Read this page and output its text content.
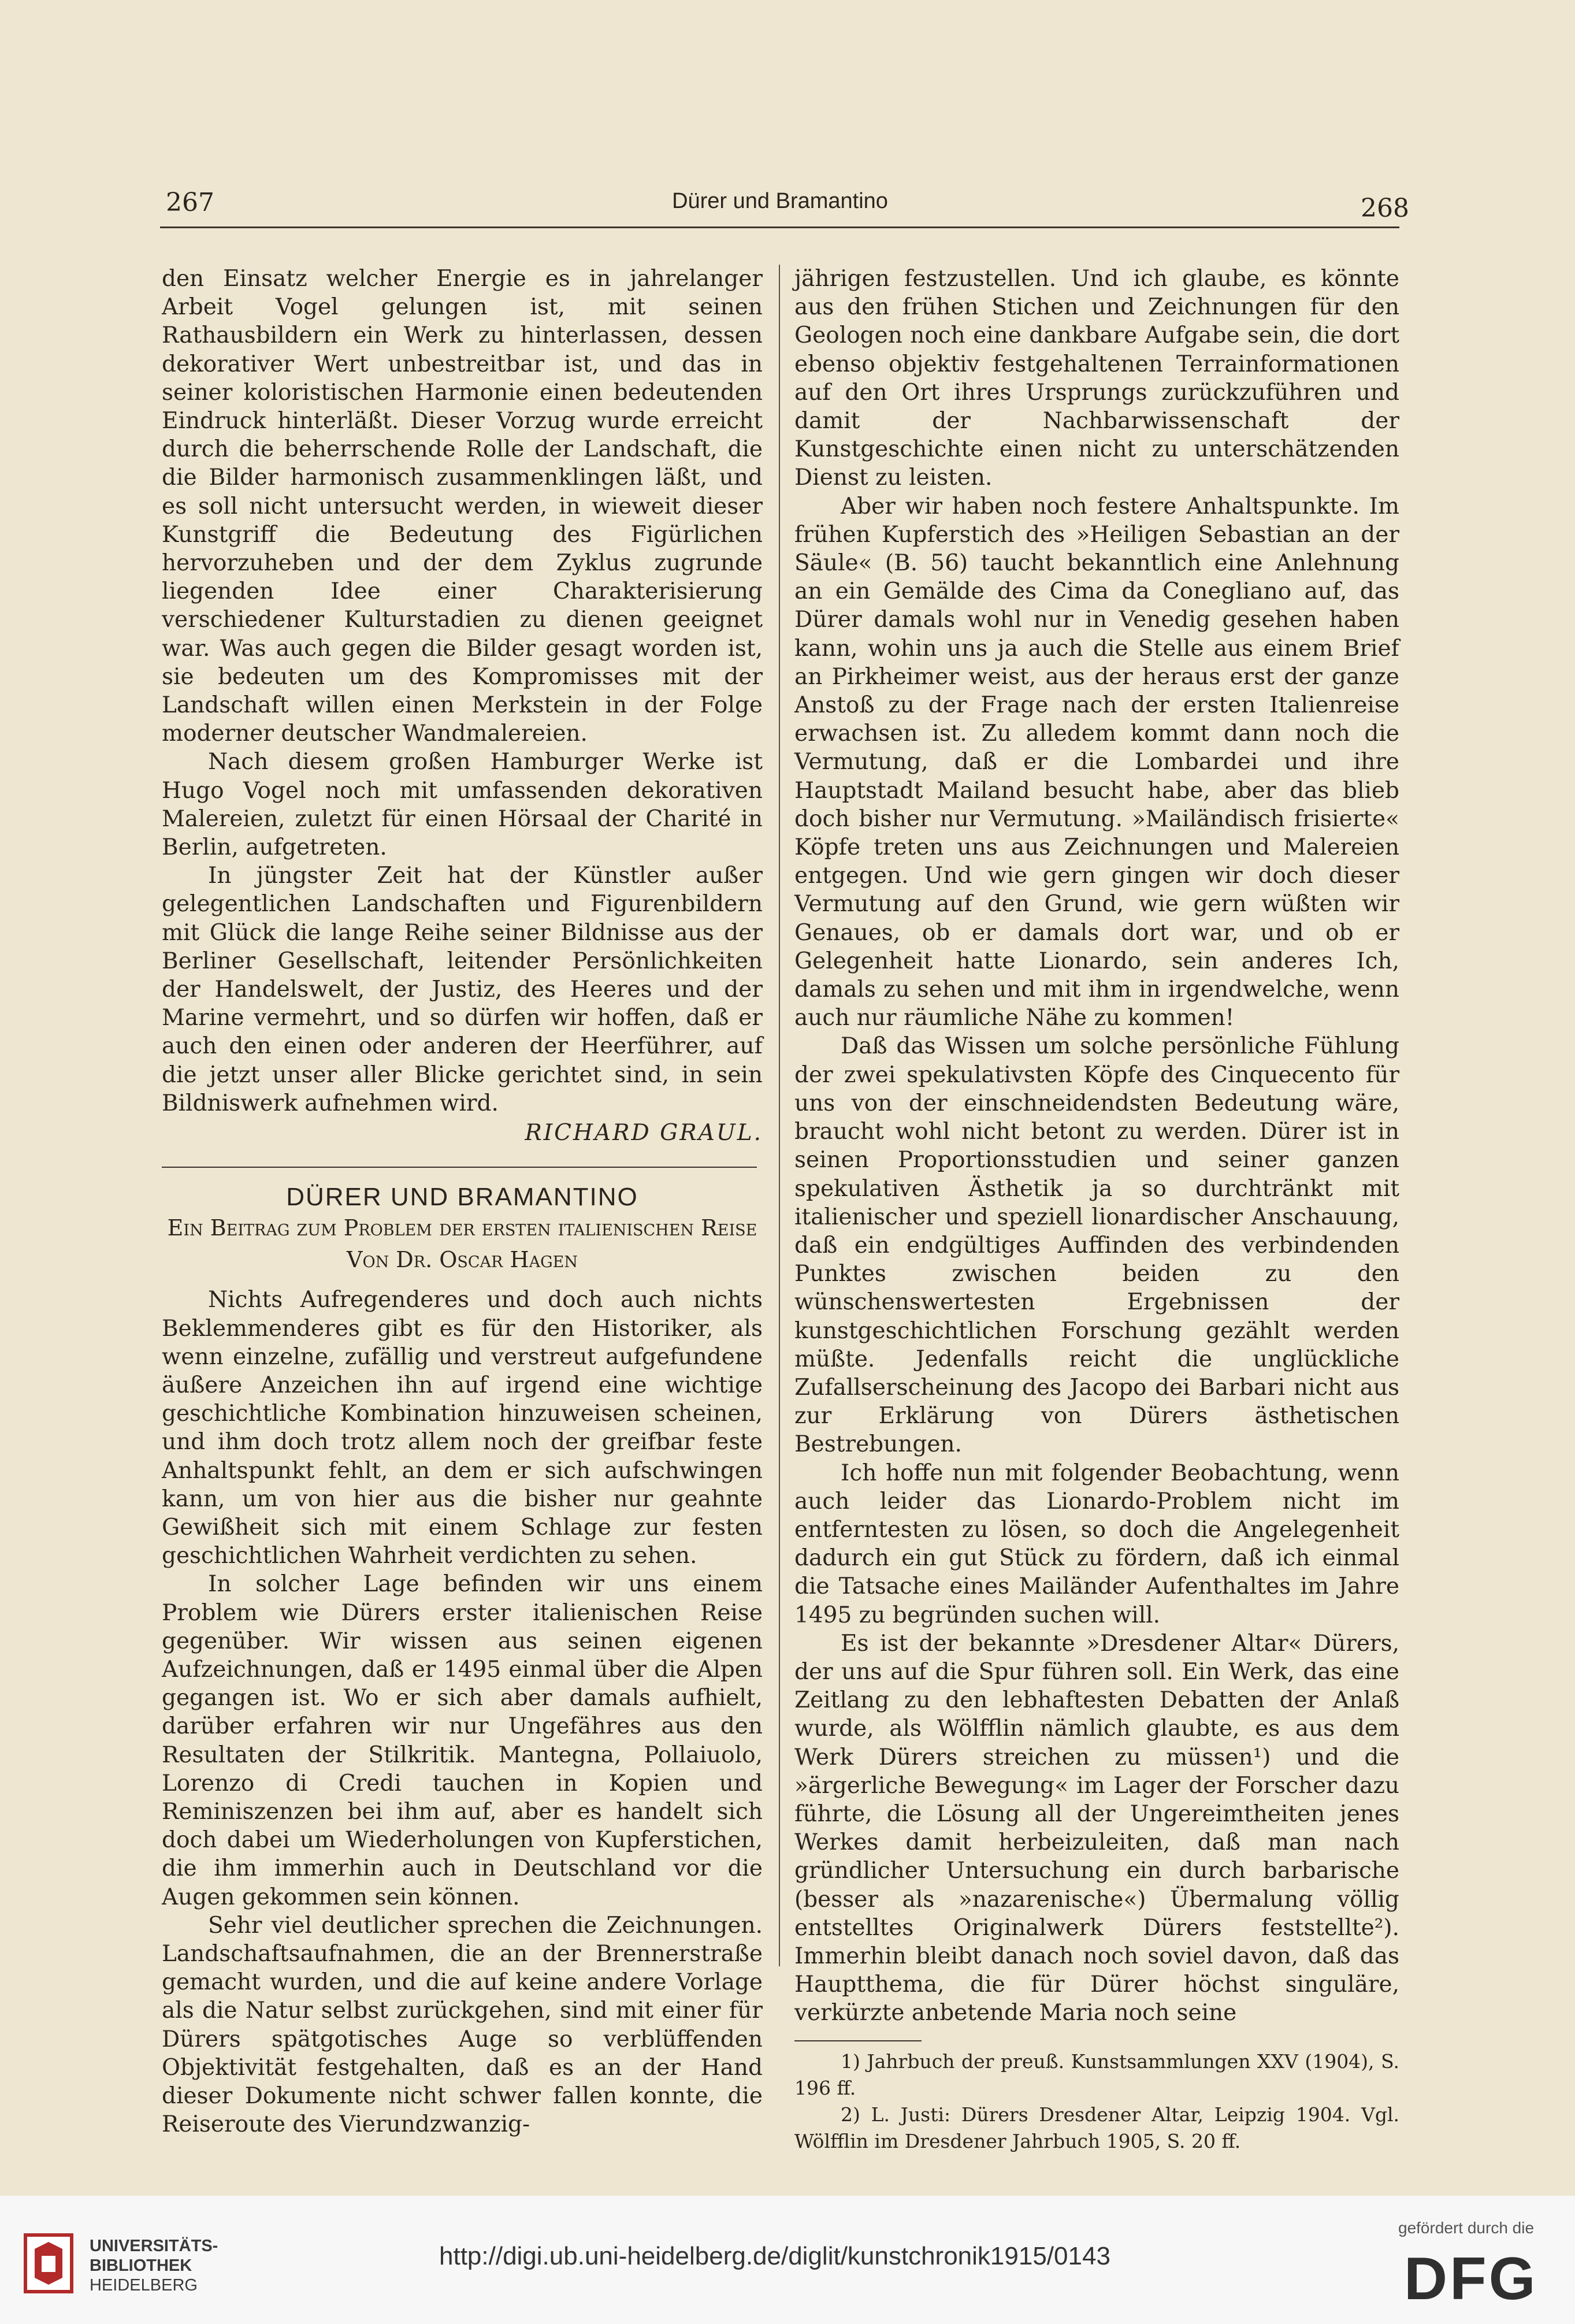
267	Dürer und Bramantino	268

den Einsatz welcher Energie es in jahrelanger Arbeit Vogel gelungen ist, mit seinen Rathausbildern ein Werk zu hinterlassen, dessen dekorativer Wert unbestreitbar ist, und das in seiner koloristischen Harmonie einen bedeutenden Eindruck hinterläßt. Dieser Vorzug wurde erreicht durch die beherrschende Rolle der Landschaft, die die Bilder harmonisch zusammenklingen läßt, und es soll nicht untersucht werden, in wieweit dieser Kunstgriff die Bedeutung des Figürlichen hervorzuheben und der dem Zyklus zugrunde liegenden Idee einer Charakterisierung verschiedener Kulturstadien zu dienen geeignet war. Was auch gegen die Bilder gesagt worden ist, sie bedeuten um des Kompromisses mit der Landschaft willen einen Merkstein in der Folge moderner deutscher Wandmalereien.

Nach diesem großen Hamburger Werke ist Hugo Vogel noch mit umfassenden dekorativen Malereien, zuletzt für einen Hörsaal der Charité in Berlin, aufgetreten.

In jüngster Zeit hat der Künstler außer gelegentlichen Landschaften und Figurenbildern mit Glück die lange Reihe seiner Bildnisse aus der Berliner Gesellschaft, leitender Persönlichkeiten der Handelswelt, der Justiz, des Heeres und der Marine vermehrt, und so dürfen wir hoffen, daß er auch den einen oder anderen der Heerführer, auf die jetzt unser aller Blicke gerichtet sind, in sein Bildniswerk aufnehmen wird.

RICHARD GRAUL.
DÜRER UND BRAMANTINO
Ein Beitrag zum Problem der ersten italienischen Reise
Von Dr. Oscar Hagen

Nichts Aufregenderes und doch auch nichts Beklemmenderes gibt es für den Historiker, als wenn einzelne, zufällig und verstreut aufgefundene äußere Anzeichen ihn auf irgend eine wichtige geschichtliche Kombination hinzuweisen scheinen, und ihm doch trotz allem noch der greifbar feste Anhaltspunkt fehlt, an dem er sich aufschwingen kann, um von hier aus die bisher nur geahnte Gewißheit sich mit einem Schlage zur festen geschichtlichen Wahrheit verdichten zu sehen.

In solcher Lage befinden wir uns einem Problem wie Dürers erster italienischen Reise gegenüber. Wir wissen aus seinen eigenen Aufzeichnungen, daß er 1495 einmal über die Alpen gegangen ist. Wo er sich aber damals aufhielt, darüber erfahren wir nur Ungefähres aus den Resultaten der Stilkritik. Mantegna, Pollaiuolo, Lorenzo di Credi tauchen in Kopien und Reminiszenzen bei ihm auf, aber es handelt sich doch dabei um Wiederholungen von Kupferstichen, die ihm immerhin auch in Deutschland vor die Augen gekommen sein können.

Sehr viel deutlicher sprechen die Zeichnungen. Landschaftsaufnahmen, die an der Brennerstraße gemacht wurden, und die auf keine andere Vorlage als die Natur selbst zurückgehen, sind mit einer für Dürers spätgotisches Auge so verblüffenden Objektivität festgehalten, daß es an der Hand dieser Dokumente nicht schwer fallen konnte, die Reiseroute des Vierundzwanzig-

jährigen festzustellen. Und ich glaube, es könnte aus den frühen Stichen und Zeichnungen für den Geologen noch eine dankbare Aufgabe sein, die dort ebenso objektiv festgehaltenen Terrainformationen auf den Ort ihres Ursprungs zurückzuführen und damit der Nachbarwissenschaft der Kunstgeschichte einen nicht zu unterschätzenden Dienst zu leisten.

Aber wir haben noch festere Anhaltspunkte. Im frühen Kupferstich des »Heiligen Sebastian an der Säule« (B. 56) taucht bekanntlich eine Anlehnung an ein Gemälde des Cima da Conegliano auf, das Dürer damals wohl nur in Venedig gesehen haben kann, wohin uns ja auch die Stelle aus einem Brief an Pirkheimer weist, aus der heraus erst der ganze Anstoß zu der Frage nach der ersten Italienreise erwachsen ist. Zu alledem kommt dann noch die Vermutung, daß er die Lombardei und ihre Hauptstadt Mailand besucht habe, aber das blieb doch bisher nur Vermutung. »Mailändisch frisierte« Köpfe treten uns aus Zeichnungen und Malereien entgegen. Und wie gern gingen wir doch dieser Vermutung auf den Grund, wie gern wüßten wir Genaues, ob er damals dort war, und ob er Gelegenheit hatte Lionardo, sein anderes Ich, damals zu sehen und mit ihm in irgendwelche, wenn auch nur räumliche Nähe zu kommen!

Daß das Wissen um solche persönliche Fühlung der zwei spekulativsten Köpfe des Cinquecento für uns von der einschneidendsten Bedeutung wäre, braucht wohl nicht betont zu werden. Dürer ist in seinen Proportionsstudien und seiner ganzen spekulativen Ästhetik ja so durchtränkt mit italienischer und speziell lionardischer Anschauung, daß ein endgültiges Auffinden des verbindenden Punktes zwischen beiden zu den wünschenswertesten Ergebnissen der kunstgeschichtlichen Forschung gezählt werden müßte. Jedenfalls reicht die unglückliche Zufallserscheinung des Jacopo dei Barbari nicht aus zur Erklärung von Dürers ästhetischen Bestrebungen.

Ich hoffe nun mit folgender Beobachtung, wenn auch leider das Lionardo-Problem nicht im entferntesten zu lösen, so doch die Angelegenheit dadurch ein gut Stück zu fördern, daß ich einmal die Tatsache eines Mailänder Aufenthaltes im Jahre 1495 zu begründen suchen will.

Es ist der bekannte »Dresdener Altar« Dürers, der uns auf die Spur führen soll. Ein Werk, das eine Zeitlang zu den lebhaftesten Debatten der Anlaß wurde, als Wölfflin nämlich glaubte, es aus dem Werk Dürers streichen zu müssen¹) und die »ärgerliche Bewegung« im Lager der Forscher dazu führte, die Lösung all der Ungereimtheiten jenes Werkes damit herbeizuleiten, daß man nach gründlicher Untersuchung ein durch barbarische (besser als »nazarenische«) Übermalung völlig entstelltes Originalwerk Dürers feststellte²). Immerhin bleibt danach noch soviel davon, daß das Hauptthema, die für Dürer höchst singuläre, verkürzte anbetende Maria noch seine

1) Jahrbuch der preuß. Kunstsammlungen XXV (1904), S. 196 ff.

2) L. Justi: Dürers Dresdener Altar, Leipzig 1904. Vgl. Wölfflin im Dresdener Jahrbuch 1905, S. 20 ff.

UNIVERSITÄTS-
BIBLIOTHEK
HEIDELBERG
http://digi.ub.uni-heidelberg.de/diglit/kunstchronik1915/0143
gefördert durch die
DFG
